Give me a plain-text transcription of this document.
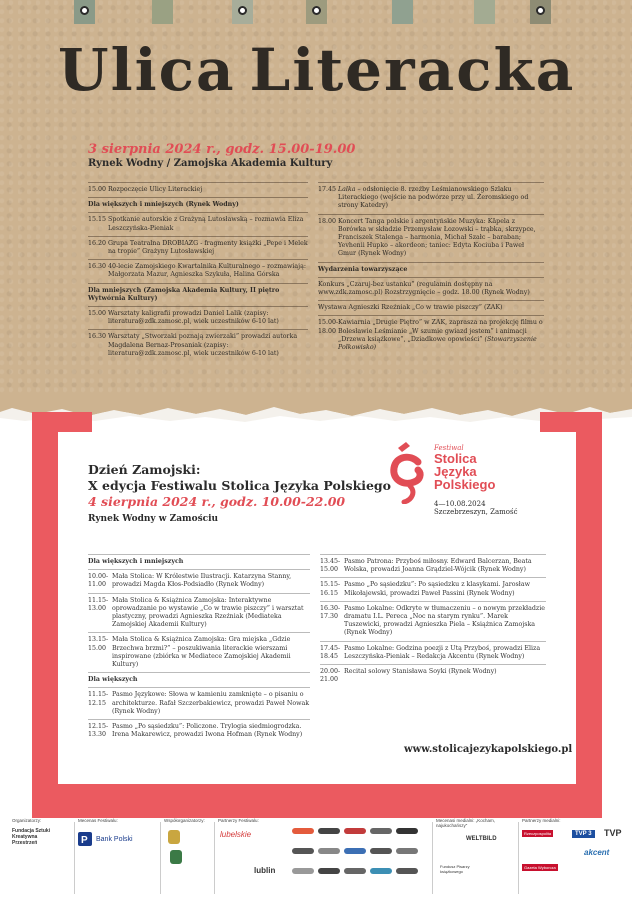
Ulica Literacka
3 sierpnia 2024 r., godz. 15.00-19.00
Rynek Wodny / Zamojska Akademia Kultury
15.00 Rozpoczęcie Ulicy Literackiej
Dla większych i mniejszych (Rynek Wodny)
15.15 Spotkanie autorskie z Grażyną Lutosławską – rozmawia Eliza Leszczyńska-Pieniak
16.20 Grupa Teatralna DROBIAZG - fragmenty książki „Pepe i Melek na tropie” Grażyny Lutosławskiej
16.30 40-lecie Zamojskiego Kwartalnika Kulturalnego – rozmawiają: Małgorzata Mazur, Agnieszka Szykuła, Halina Górska
Dla mniejszych (Zamojska Akademia Kultury, II piętro Wytwórnia Kultury)
15.00 Warsztaty kaligrafii prowadzi Daniel Lalik (zapisy: literatura@zdk.zamosc.pl, wiek uczestników 6-10 lat)
16.30 Warsztaty „Stworzaki poznają zwierzaki” prowadzi autorka Magdalena Bernaz-Prosaniak (zapisy: literatura@zdk.zamosc.pl, wiek uczestników 6-10 lat)
17.45 Lalka – odsłonięcie 8. rzeźby Leśmianowskiego Szlaku Literackiego (wejście na podwórze przy ul. Żeromskiego od strony Katedry)
18.00 Koncert Tanga polskie i argentyńskie Muzyka: Kāpela z Borówka w składzie Przemysław Łozowski – trąbka, skrzypce, Franciszek Stalenga – harmonia, Michał Szałc – baraban; Yevhenii Hupko – akordeon; taniec: Edyta Kociuba i Paweł Gmur (Rynek Wodny)
Wydarzenia towarzyszące
Konkurs „Czaruj-bez ustanku” (regulamin dostępny na www.zdk.zamosc.pl) Rozstrzygnięcie – godz. 18.00 (Rynek Wodny)
Wystawa Agnieszki Rzeźniak „Co w trawie piszczy” (ZAK)
15.00- 18.00
Kawiarnia „Drugie Piętro” w ZAK, zaprasza na projekcję filmu o Bolesławie Leśmianie „W szumie gwiazd jestem” i animacji „Drzewa książkowe”, „Dziadkowe opowieści” (Stowarzyszenie Polkowisko)
Dzień Zamojski:
X edycja Festiwalu Stolica Języka Polskiego
4 sierpnia 2024 r., godz. 10.00-22.00
Rynek Wodny w Zamościu
Festiwal
Stolica
Języka
Polskiego
4—10.08.2024
Szczebrzeszyn, Zamość
Dla większych i mniejszych
10.00- 11.00
Mała Stolica: W Królestwie Ilustracji. Katarzyna Stanny, prowadzi Magda Kłos-Podsiadło (Rynek Wodny)
11.15- 13.00
Mała Stolica & Książnica Zamojska: Interaktywne oprowadzanie po wystawie „Co w trawie piszczy” i warsztat plastyczny, prowadzi Agnieszka Rzeźniak (Mediateka Zamojskiej Akademii Kultury)
13.15- 15.00
Mała Stolica & Książnica Zamojska: Gra miejska „Gdzie Brzechwa brzmi?” – poszukiwania literackie wierszami inspirowane (zbiórka w Mediatece Zamojskiej Akademii Kultury)
Dla większych
11.15- 12.15
Pasmo Językowe: Słowa w kamieniu zamknięte – o pisaniu o architekturze. Rafał Szczerbakiewicz, prowadzi Paweł Nowak (Rynek Wodny)
12.15- 13.30
Pasmo „Po sąsiedzku”: Policzone. Trylogia siedmiogrodzka. Irena Makarewicz, prowadzi Iwona Hofman (Rynek Wodny)
13.45- 15.00
Pasmo Patrona: Przyboś miłosny. Edward Balcerzan, Beata Wolska, prowadzi Joanna Grądziel-Wójcik (Rynek Wodny)
15.15- 16.15
Pasmo „Po sąsiedzku”: Po sąsiedzku z klasykami. Jarosław Mikołajewski, prowadzi Paweł Passini (Rynek Wodny)
16.30- 17.30
Pasmo Lokalne: Odkryte w tłumaczeniu – o nowym przekładzie dramatu I.L. Pereca „Noc na starym rynku”. Marek Tuszewicki, prowadzi Agnieszka Piela – Książnica Zamojska (Rynek Wodny)
17.45- 18.45
Pasmo Lokalne: Godzina poezji z Utą Przyboś, prowadzi Eliza Leszczyńska-Pieniak – Redakcja Akcentu (Rynek Wodny)
20.00- 21.00
Recital solowy Stanisława Soyki (Rynek Wodny)
www.stolicajezykapolskiego.pl
Organizatorzy:
Fundacja Sztuki Kreatywna Przestrzeń
Mecenas Festiwalu:
P Bank Polski
Współorganizatorzy:	Partnerzy Festiwalu:
lubelskie
lublin
Mecenasi medialni: „Kocham, najukochańszy”
WELTBILD
Fundusz Pisarzy książkowego
Partnerzy medialni:
Rzeczpospolita	TVP 3	TVP
akcent
Gazeta Wyborcza
